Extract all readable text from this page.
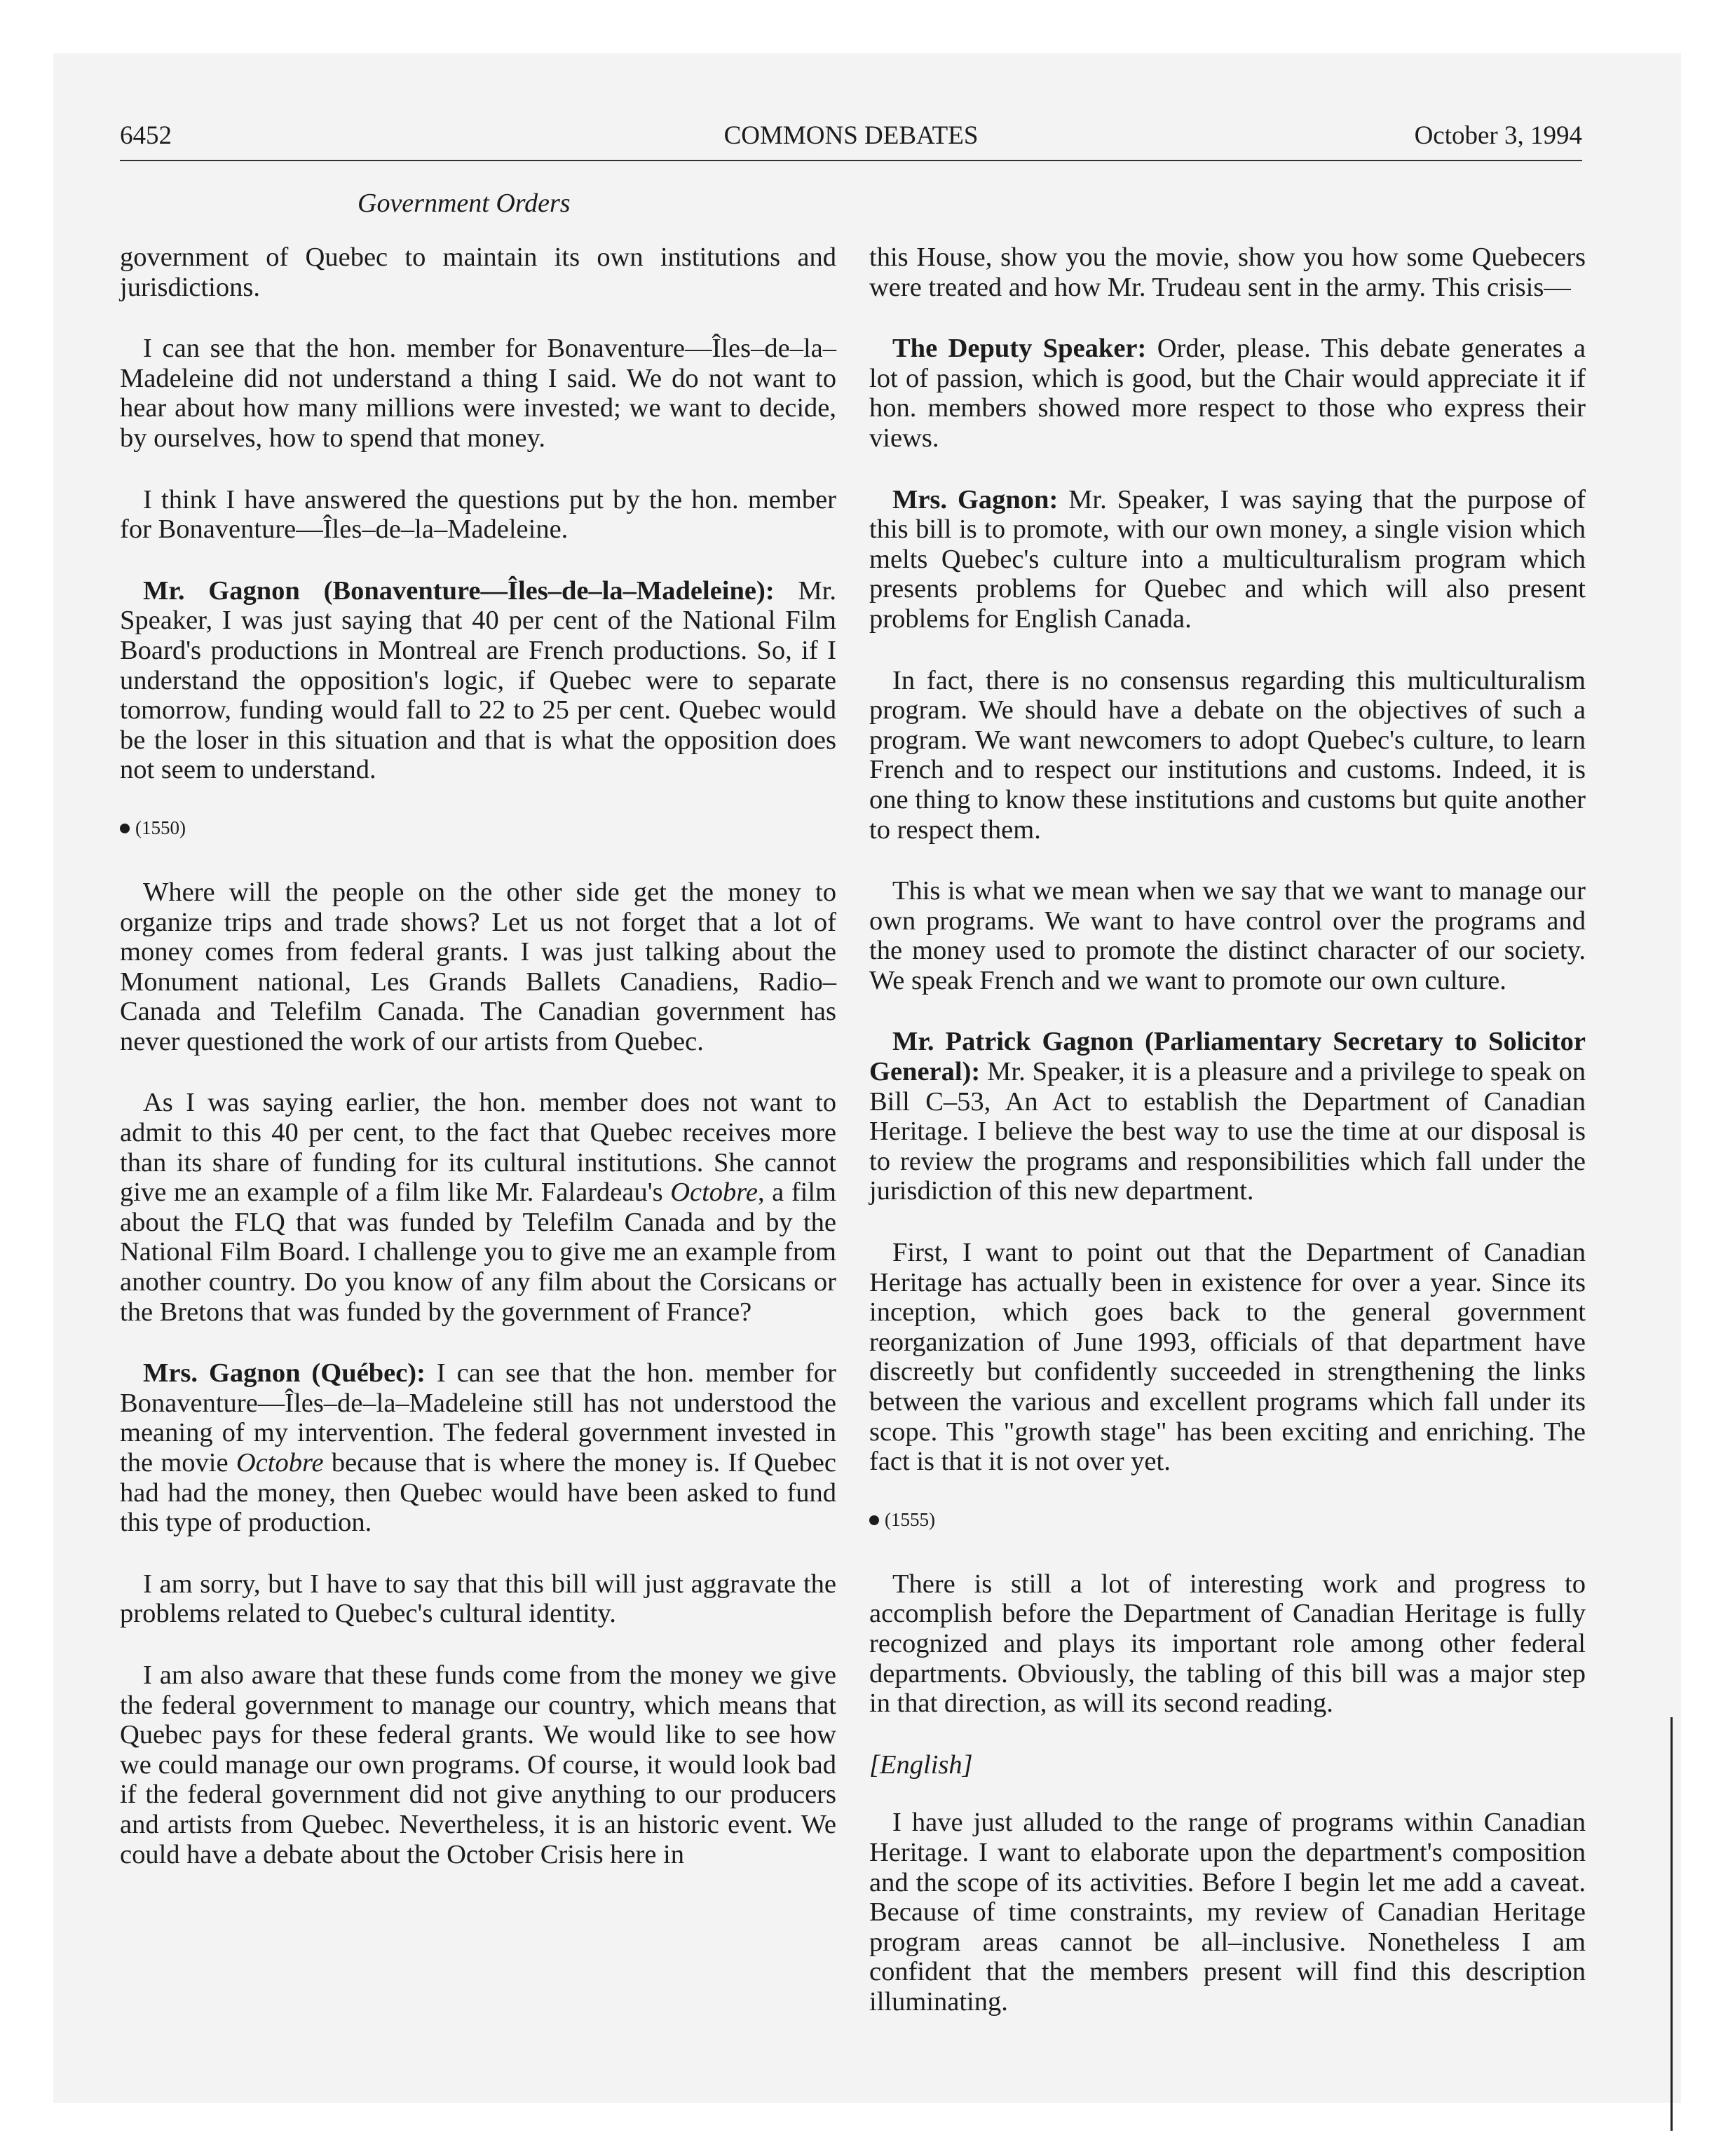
6452	COMMONS DEBATES	October 3, 1994
Government Orders

government of Quebec to maintain its own institutions and jurisdictions.

I can see that the hon. member for Bonaventure—Îles–de–la–Madeleine did not understand a thing I said. We do not want to hear about how many millions were invested; we want to decide, by ourselves, how to spend that money.

I think I have answered the questions put by the hon. member for Bonaventure—Îles–de–la–Madeleine.

Mr. Gagnon (Bonaventure—Îles–de–la–Madeleine): Mr. Speaker, I was just saying that 40 per cent of the National Film Board's productions in Montreal are French productions. So, if I understand the opposition's logic, if Quebec were to separate tomorrow, funding would fall to 22 to 25 per cent. Quebec would be the loser in this situation and that is what the opposition does not seem to understand.

(1550)

Where will the people on the other side get the money to organize trips and trade shows? Let us not forget that a lot of money comes from federal grants. I was just talking about the Monument national, Les Grands Ballets Canadiens, Radio–Canada and Telefilm Canada. The Canadian government has never questioned the work of our artists from Quebec.

As I was saying earlier, the hon. member does not want to admit to this 40 per cent, to the fact that Quebec receives more than its share of funding for its cultural institutions. She cannot give me an example of a film like Mr. Falardeau's Octobre, a film about the FLQ that was funded by Telefilm Canada and by the National Film Board. I challenge you to give me an example from another country. Do you know of any film about the Corsicans or the Bretons that was funded by the government of France?

Mrs. Gagnon (Québec): I can see that the hon. member for Bonaventure—Îles–de–la–Madeleine still has not understood the meaning of my intervention. The federal government invested in the movie Octobre because that is where the money is. If Quebec had had the money, then Quebec would have been asked to fund this type of production.

I am sorry, but I have to say that this bill will just aggravate the problems related to Quebec's cultural identity.

I am also aware that these funds come from the money we give the federal government to manage our country, which means that Quebec pays for these federal grants. We would like to see how we could manage our own programs. Of course, it would look bad if the federal government did not give anything to our producers and artists from Quebec. Nevertheless, it is an historic event. We could have a debate about the October Crisis here in

this House, show you the movie, show you how some Quebecers were treated and how Mr. Trudeau sent in the army. This crisis—

The Deputy Speaker: Order, please. This debate generates a lot of passion, which is good, but the Chair would appreciate it if hon. members showed more respect to those who express their views.

Mrs. Gagnon: Mr. Speaker, I was saying that the purpose of this bill is to promote, with our own money, a single vision which melts Quebec's culture into a multiculturalism program which presents problems for Quebec and which will also present problems for English Canada.

In fact, there is no consensus regarding this multiculturalism program. We should have a debate on the objectives of such a program. We want newcomers to adopt Quebec's culture, to learn French and to respect our institutions and customs. Indeed, it is one thing to know these institutions and customs but quite another to respect them.

This is what we mean when we say that we want to manage our own programs. We want to have control over the programs and the money used to promote the distinct character of our society. We speak French and we want to promote our own culture.

Mr. Patrick Gagnon (Parliamentary Secretary to Solicitor General): Mr. Speaker, it is a pleasure and a privilege to speak on Bill C–53, An Act to establish the Department of Canadian Heritage. I believe the best way to use the time at our disposal is to review the programs and responsibilities which fall under the jurisdiction of this new department.

First, I want to point out that the Department of Canadian Heritage has actually been in existence for over a year. Since its inception, which goes back to the general government reorganization of June 1993, officials of that department have discreetly but confidently succeeded in strengthening the links between the various and excellent programs which fall under its scope. This "growth stage" has been exciting and enriching. The fact is that it is not over yet.

(1555)

There is still a lot of interesting work and progress to accomplish before the Department of Canadian Heritage is fully recognized and plays its important role among other federal departments. Obviously, the tabling of this bill was a major step in that direction, as will its second reading.

[English]

I have just alluded to the range of programs within Canadian Heritage. I want to elaborate upon the department's composition and the scope of its activities. Before I begin let me add a caveat. Because of time constraints, my review of Canadian Heritage program areas cannot be all–inclusive. Nonetheless I am confident that the members present will find this description illuminating.
